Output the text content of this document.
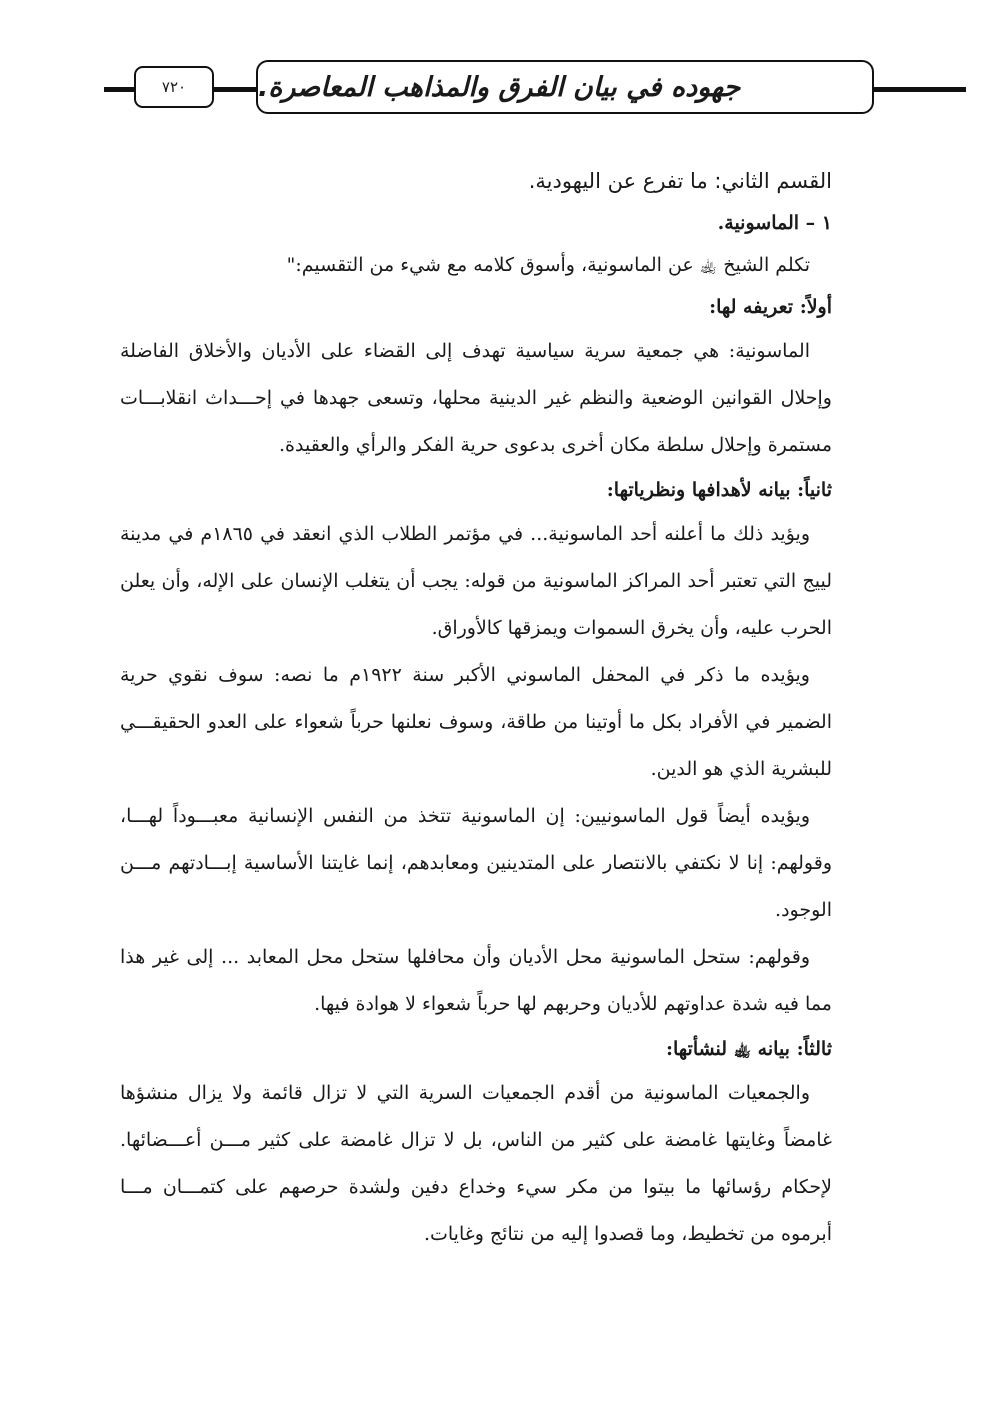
٧٢٠	جهوده في بيان الفرق والمذاهب المعاصرة.

القسم الثاني: ما تفرع عن اليهودية.

١ – الماسونية.

تكلم الشيخ ﵀ عن الماسونية، وأسوق كلامه مع شيء من التقسيم:"

أولاً: تعريفه لها:

الماسونية: هي جمعية سرية سياسية تهدف إلى القضاء على الأديان والأخلاق الفاضلة وإحلال القوانين الوضعية والنظم غير الدينية محلها، وتسعى جهدها في إحـــداث انقلابـــات مستمرة وإحلال سلطة مكان أخرى بدعوى حرية الفكر والرأي والعقيدة.

ثانياً: بيانه لأهدافها ونظرياتها:

ويؤيد ذلك ما أعلنه أحد الماسونية... في مؤتمر الطلاب الذي انعقد في ١٨٦٥م في مدينة لييج التي تعتبر أحد المراكز الماسونية من قوله: يجب أن يتغلب الإنسان على الإله، وأن يعلن الحرب عليه، وأن يخرق السموات ويمزقها كالأوراق.

ويؤيده ما ذكر في المحفل الماسوني الأكبر سنة ١٩٢٢م ما نصه: سوف نقوي حرية الضمير في الأفراد بكل ما أوتينا من طاقة، وسوف نعلنها حرباً شعواء على العدو الحقيقـــي للبشرية الذي هو الدين.

ويؤيده أيضاً قول الماسونيين: إن الماسونية تتخذ من النفس الإنسانية معبـــوداً لهـــا، وقولهم: إنا لا نكتفي بالانتصار على المتدينين ومعابدهم، إنما غايتنا الأساسية إبـــادتهم مـــن الوجود.

وقولهم: ستحل الماسونية محل الأديان وأن محافلها ستحل محل المعابد ... إلى غير هذا مما فيه شدة عداوتهم للأديان وحربهم لها حرباً شعواء لا هوادة فيها.

ثالثاً: بيانه ﵀ لنشأتها:

والجمعيات الماسونية من أقدم الجمعيات السرية التي لا تزال قائمة ولا يزال منشؤها غامضاً وغايتها غامضة على كثير من الناس، بل لا تزال غامضة على كثير مـــن أعـــضائها. لإحكام رؤسائها ما بيتوا من مكر سيء وخداع دفين ولشدة حرصهم على كتمـــان مـــا أبرموه من تخطيط، وما قصدوا إليه من نتائج وغايات.
